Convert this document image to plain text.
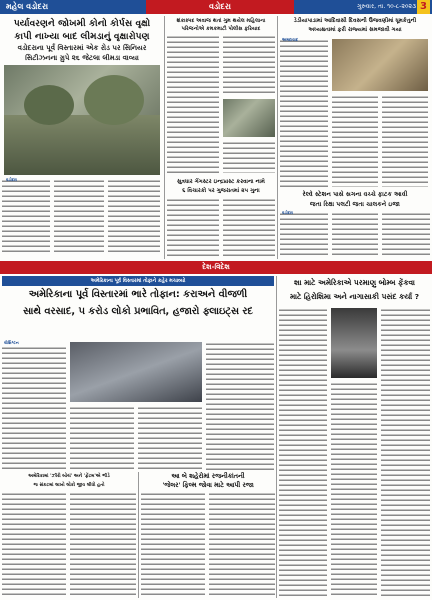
મહેલ વડોદરા	વડોદરા	ગુરુવાર, તા. ૧૦-૮-૨૦૨૩ 3
પર્યાવરણને જોખમી કોનો કોર્પસ વૃક્ષો
કાપી નાખ્યા બાદ લીમડાનું વૃક્ષારોપણ
વડોદરાના પૂર્વ વિસ્તારમાં એક રોડ પર સિનિયર
સિટીઝનના ગ્રુપે ૨૬ જેટલા લીમડા વાવ્યા
વડોદરા
શંકાસ્પદ અવાજ થતાં ગુમ થયેલ મહિલાના
પરિજનોએ કમકમાટી પોલીસ ફરિયાદ
સુત્રધાર ગેંગસ્ટર ઇન્દ્રપ્રાસ્ટ કરવાના નામે
૬ વિચારકો પર ગુજરાતમાં ૨૫ ગુના
ડેડીયાપાડામાં આદિવાસી દિવસની ઉજવણીમાં ધૂમકેતુની
અધ્યક્ષતામાં ફરી રાજ્યમાં સમજાવી ગયા
અમદાવાદ
રેલ્વે સ્ટેશન પાસે સગના વચ્ચે ફાટક આવી
જતા રિક્ષા પલટી જતા ચાલકને ઇજા
વડોદરા
દેશ-વિદેશ
અમેરિકાના પૂર્વ વિસ્તારમાં તોફાને કહેર મચાવ્યો
અમેરિકાના પૂર્વ વિસ્તારમાં ભારે તોફાન: કરાઅને વીજળી
સાથે વરસાદ, ૫ કરોડ લોકો પ્રભાવિત, હજારો ફ્લાઇટ્સ રદ
વોશિંગ્ટન
શા માટે અમેરિકાએ પરમાણુ બોમ્બ ફેંકવા
માટે હિરોશિમા અને નાગાસાકી પસંદ કર્યા ?
અમેરિકામાં 'ઝીરો બોયં' અને 'ફેંટમ'એ ભીડે
જ સંકટમાં લાખો લોકો જીવ લીધો હતો
આ બે શહેરોમાં રજનીકાંતની
'જેલર' ફિલ્મ જોવા માટે આપી રજા
